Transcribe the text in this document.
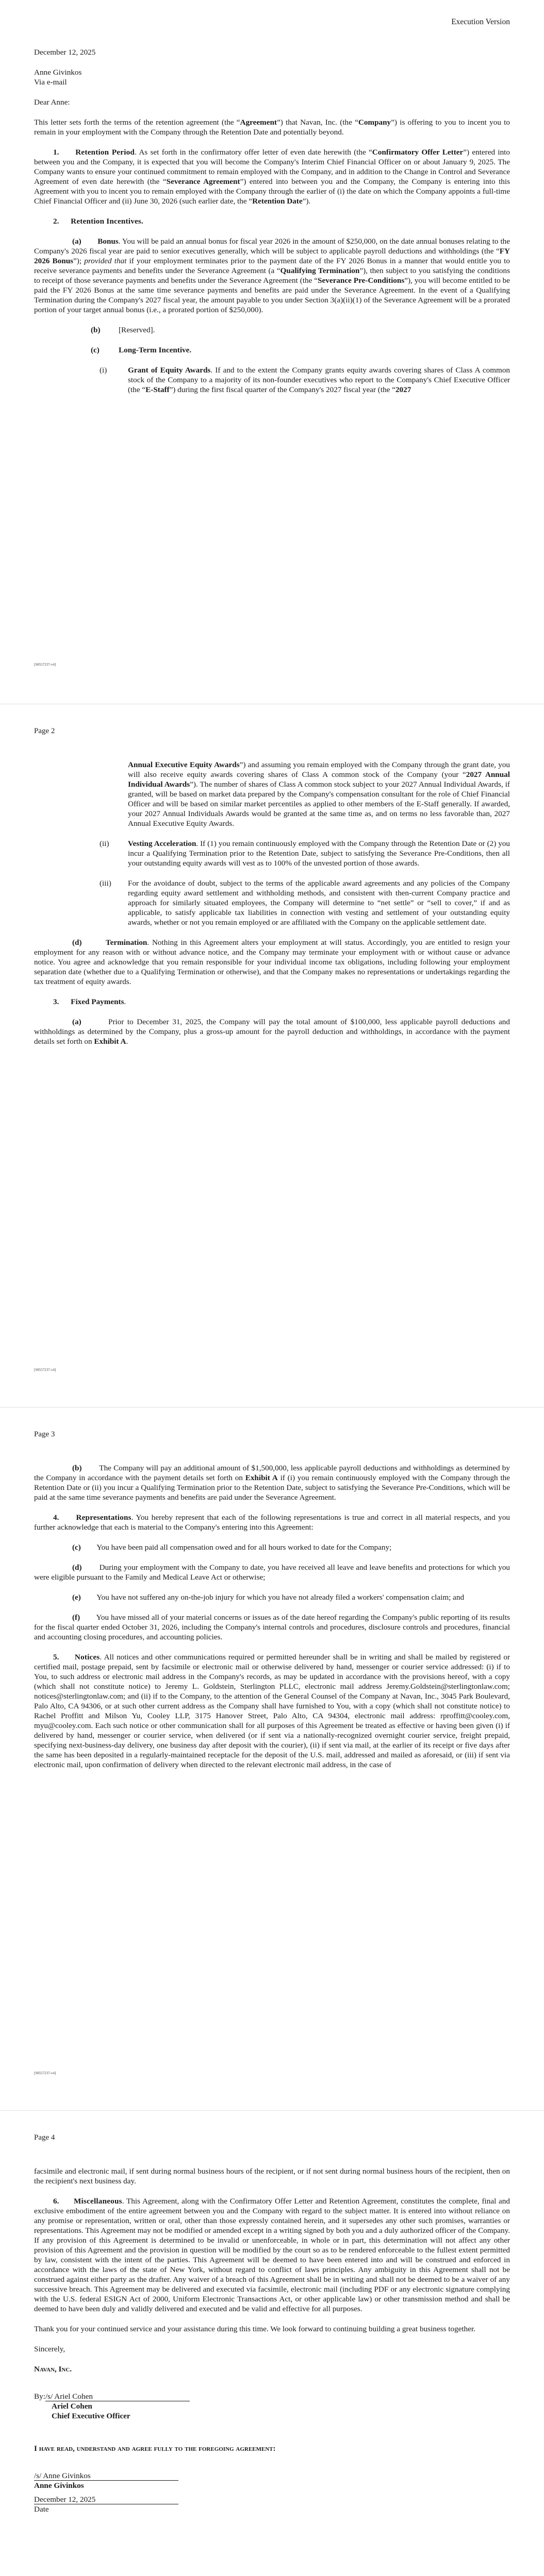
Execution Version

December 12, 2025

Anne Givinkos

Via e-mail

Dear Anne:

This letter sets forth the terms of the retention agreement (the “Agreement”) that Navan, Inc. (the “Company”) is offering to you to incent you to remain in your employment with the Company through the Retention Date and potentially beyond.

1. Retention Period. As set forth in the confirmatory offer letter of even date herewith (the “Confirmatory Offer Letter”) entered into between you and the Company, it is expected that you will become the Company's Interim Chief Financial Officer on or about January 9, 2025. The Company wants to ensure your continued commitment to remain employed with the Company, and in addition to the Change in Control and Severance Agreement of even date herewith (the “Severance Agreement”) entered into between you and the Company, the Company is entering into this Agreement with you to incent you to remain employed with the Company through the earlier of (i) the date on which the Company appoints a full-time Chief Financial Officer and (ii) June 30, 2026 (such earlier date, the “Retention Date”).

2. Retention Incentives.

(a) Bonus. You will be paid an annual bonus for fiscal year 2026 in the amount of $250,000, on the date annual bonuses relating to the Company's 2026 fiscal year are paid to senior executives generally, which will be subject to applicable payroll deductions and withholdings (the “FY 2026 Bonus”); provided that if your employment terminates prior to the payment date of the FY 2026 Bonus in a manner that would entitle you to receive severance payments and benefits under the Severance Agreement (a “Qualifying Termination”), then subject to you satisfying the conditions to receipt of those severance payments and benefits under the Severance Agreement (the “Severance Pre-Conditions”), you will become entitled to be paid the FY 2026 Bonus at the same time severance payments and benefits are paid under the Severance Agreement. In the event of a Qualifying Termination during the Company's 2027 fiscal year, the amount payable to you under Section 3(a)(ii)(1) of the Severance Agreement will be a prorated portion of your target annual bonus (i.e., a prorated portion of $250,000).

(b) [Reserved].

(c) Long-Term Incentive.

(i)	Grant of Equity Awards. If and to the extent the Company grants equity awards covering shares of Class A common stock of the Company to a majority of its non-founder executives who report to the Company's Chief Executive Officer (the “E-Staff”) during the first fiscal quarter of the Company's 2027 fiscal year (the “2027

[S8557237-v4]
Page 2

Annual Executive Equity Awards”) and assuming you remain employed with the Company through the grant date, you will also receive equity awards covering shares of Class A common stock of the Company (your “2027 Annual Individual Awards”). The number of shares of Class A common stock subject to your 2027 Annual Individual Awards, if granted, will be based on market data prepared by the Company's compensation consultant for the role of Chief Financial Officer and will be based on similar market percentiles as applied to other members of the E-Staff generally. If awarded, your 2027 Annual Individuals Awards would be granted at the same time as, and on terms no less favorable than, 2027 Annual Executive Equity Awards.

(ii) Vesting Acceleration. If (1) you remain continuously employed with the Company through the Retention Date or (2) you incur a Qualifying Termination prior to the Retention Date, subject to satisfying the Severance Pre-Conditions, then all your outstanding equity awards will vest as to 100% of the unvested portion of those awards.

(iii) For the avoidance of doubt, subject to the terms of the applicable award agreements and any policies of the Company regarding equity award settlement and withholding methods, and consistent with then-current Company practice and approach for similarly situated employees, the Company will determine to “net settle” or “sell to cover,” if and as applicable, to satisfy applicable tax liabilities in connection with vesting and settlement of your outstanding equity awards, whether or not you remain employed or are affiliated with the Company on the applicable settlement date.

(d)	Termination. Nothing in this Agreement alters your employment at will status. Accordingly, you are entitled to resign your employment for any reason with or without advance notice, and the Company may terminate your employment with or without cause or advance notice. You agree and acknowledge that you remain responsible for your individual income tax obligations, including following your employment separation date (whether due to a Qualifying Termination or otherwise), and that the Company makes no representations or undertakings regarding the tax treatment of equity awards.

3. Fixed Payments.

(a)	Prior to December 31, 2025, the Company will pay the total amount of $100,000, less applicable payroll deductions and withholdings as determined by the Company, plus a gross-up amount for the payroll deduction and withholdings, in accordance with the payment details set forth on Exhibit A.

[S8557237-v4]
Page 3

(b) The Company will pay an additional amount of $1,500,000, less applicable payroll deductions and withholdings as determined by the Company in accordance with the payment details set forth on Exhibit A if (i) you remain continuously employed with the Company through the Retention Date or (ii) you incur a Qualifying Termination prior to the Retention Date, subject to satisfying the Severance Pre-Conditions, which will be paid at the same time severance payments and benefits are paid under the Severance Agreement.

4. Representations. You hereby represent that each of the following representations is true and correct in all material respects, and you further acknowledge that each is material to the Company's entering into this Agreement:

(c) You have been paid all compensation owed and for all hours worked to date for the Company;

(d) During your employment with the Company to date, you have received all leave and leave benefits and protections for which you were eligible pursuant to the Family and Medical Leave Act or otherwise;

(e) You have not suffered any on-the-job injury for which you have not already filed a workers' compensation claim; and

(f) You have missed all of your material concerns or issues as of the date hereof regarding the Company's public reporting of its results for the fiscal quarter ended October 31, 2026, including the Company's internal controls and procedures, disclosure controls and procedures, financial and accounting closing procedures, and accounting policies.

5. Notices. All notices and other communications required or permitted hereunder shall be in writing and shall be mailed by registered or certified mail, postage prepaid, sent by facsimile or electronic mail or otherwise delivered by hand, messenger or courier service addressed: (i) if to You, to such address or electronic mail address in the Company's records, as may be updated in accordance with the provisions hereof, with a copy (which shall not constitute notice) to Jeremy L. Goldstein, Sterlington PLLC, electronic mail address Jeremy.Goldstein@sterlingtonlaw.com; notices@sterlingtonlaw.com; and (ii) if to the Company, to the attention of the General Counsel of the Company at Navan, Inc., 3045 Park Boulevard, Palo Alto, CA 94306, or at such other current address as the Company shall have furnished to You, with a copy (which shall not constitute notice) to Rachel Proffitt and Milson Yu, Cooley LLP, 3175 Hanover Street, Palo Alto, CA 94304, electronic mail address: rproffitt@cooley.com, myu@cooley.com. Each such notice or other communication shall for all purposes of this Agreement be treated as effective or having been given (i) if delivered by hand, messenger or courier service, when delivered (or if sent via a nationally-recognized overnight courier service, freight prepaid, specifying next-business-day delivery, one business day after deposit with the courier), (ii) if sent via mail, at the earlier of its receipt or five days after the same has been deposited in a regularly-maintained receptacle for the deposit of the U.S. mail, addressed and mailed as aforesaid, or (iii) if sent via electronic mail, upon confirmation of delivery when directed to the relevant electronic mail address, in the case of

[S8557237-v4]
Page 4

facsimile and electronic mail, if sent during normal business hours of the recipient, or if not sent during normal business hours of the recipient, then on the recipient's next business day.

6. Miscellaneous. This Agreement, along with the Confirmatory Offer Letter and Retention Agreement, constitutes the complete, final and exclusive embodiment of the entire agreement between you and the Company with regard to the subject matter. It is entered into without reliance on any promise or representation, written or oral, other than those expressly contained herein, and it supersedes any other such promises, warranties or representations. This Agreement may not be modified or amended except in a writing signed by both you and a duly authorized officer of the Company. If any provision of this Agreement is determined to be invalid or unenforceable, in whole or in part, this determination will not affect any other provision of this Agreement and the provision in question will be modified by the court so as to be rendered enforceable to the fullest extent permitted by law, consistent with the intent of the parties. This Agreement will be deemed to have been entered into and will be construed and enforced in accordance with the laws of the state of New York, without regard to conflict of laws principles. Any ambiguity in this Agreement shall not be construed against either party as the drafter. Any waiver of a breach of this Agreement shall be in writing and shall not be deemed to be a waiver of any successive breach. This Agreement may be delivered and executed via facsimile, electronic mail (including PDF or any electronic signature complying with the U.S. federal ESIGN Act of 2000, Uniform Electronic Transactions Act, or other applicable law) or other transmission method and shall be deemed to have been duly and validly delivered and executed and be valid and effective for all purposes.

Thank you for your continued service and your assistance during this time. We look forward to continuing building a great business together.

Sincerely,

Navan, Inc.

By:/s/ Ariel Cohen

Ariel Cohen

Chief Executive Officer

I have read, understand and agree fully to the foregoing agreement:

/s/ Anne Givinkos

Anne Givinkos

December 12, 2025

Date
